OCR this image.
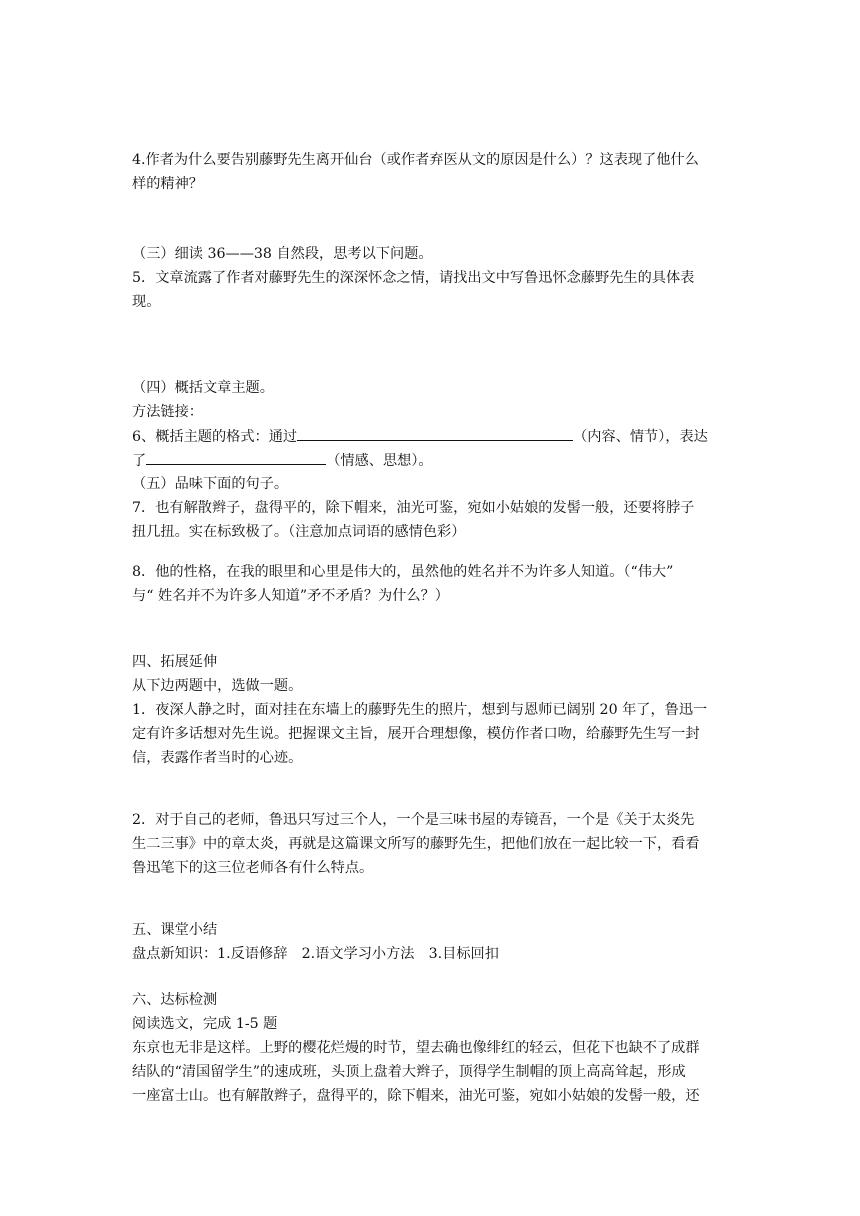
4.作者为什么要告别藤野先生离开仙台（或作者弃医从文的原因是什么）？这表现了他什么
样的精神？
（三）细读 36——38 自然段，思考以下问题。
5．文章流露了作者对藤野先生的深深怀念之情，请找出文中写鲁迅怀念藤野先生的具体表
现。
（四）概括文章主题。
方法链接：
6、概括主题的格式：通过	（内容、情节），表达
了	（情感、思想）。
（五）品味下面的句子。
7．也有解散辫子，盘得平的，除下帽来，油光可鉴，宛如小姑娘的发髻一般，还要将脖子
扭几扭。实在标致极了。（注意加点词语的感情色彩）
8．他的性格，在我的眼里和心里是伟大的，虽然他的姓名并不为许多人知道。（“伟大”
与“ 姓名并不为许多人知道”矛不矛盾？为什么？）
四、拓展延伸
从下边两题中，选做一题。
1．夜深人静之时，面对挂在东墙上的藤野先生的照片，想到与恩师已阔别 20 年了，鲁迅一
定有许多话想对先生说。把握课文主旨，展开合理想像，模仿作者口吻，给藤野先生写一封
信，表露作者当时的心迹。
2．对于自己的老师，鲁迅只写过三个人，一个是三味书屋的寿镜吾，一个是《关于太炎先
生二三事》中的章太炎，再就是这篇课文所写的藤野先生，把他们放在一起比较一下，看看
鲁迅笔下的这三位老师各有什么特点。
五、课堂小结
盘点新知识：1.反语修辞　2.语文学习小方法　3.目标回扣
六、达标检测
阅读选文，完成 1-5 题
东京也无非是这样。上野的樱花烂熳的时节，望去确也像绯红的轻云，但花下也缺不了成群
结队的“清国留学生”的速成班，头顶上盘着大辫子，顶得学生制帽的顶上高高耸起，形成
一座富士山。也有解散辫子，盘得平的，除下帽来，油光可鉴，宛如小姑娘的发髻一般，还
